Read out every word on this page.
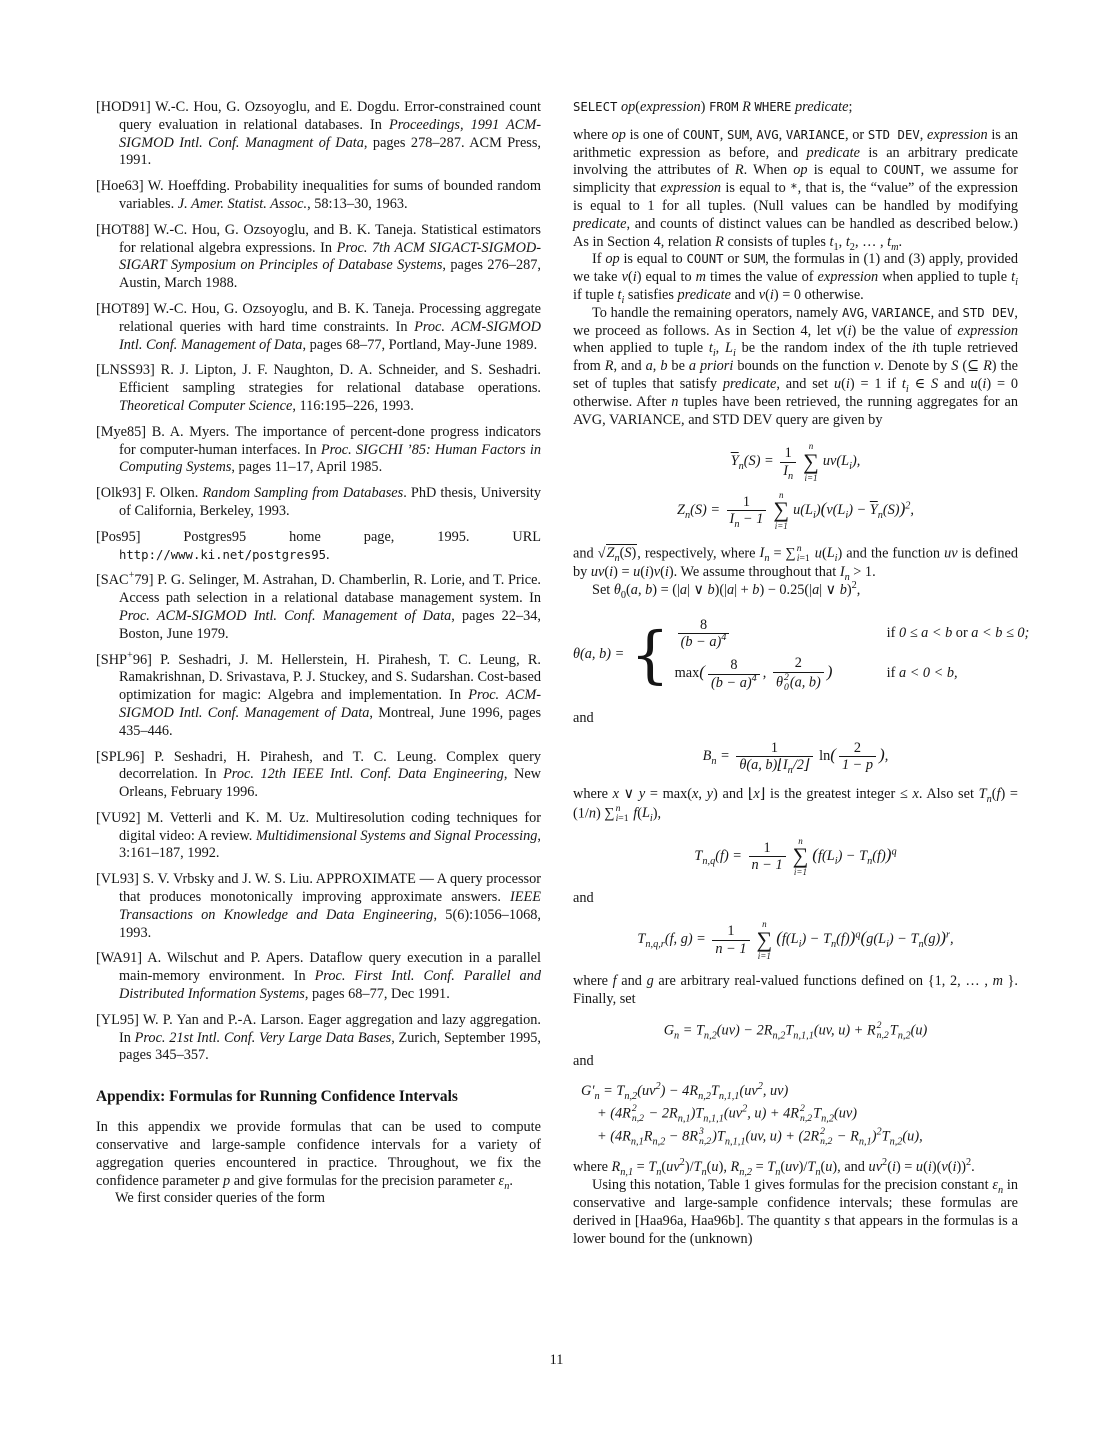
[HOD91] W.-C. Hou, G. Ozsoyoglu, and E. Dogdu. Error-constrained count query evaluation in relational databases. In Proceedings, 1991 ACM-SIGMOD Intl. Conf. Managment of Data, pages 278–287. ACM Press, 1991.
[Hoe63] W. Hoeffding. Probability inequalities for sums of bounded random variables. J. Amer. Statist. Assoc., 58:13–30, 1963.
[HOT88] W.-C. Hou, G. Ozsoyoglu, and B. K. Taneja. Statistical estimators for relational algebra expressions. In Proc. 7th ACM SIGACT-SIGMOD-SIGART Symposium on Principles of Database Systems, pages 276–287, Austin, March 1988.
[HOT89] W.-C. Hou, G. Ozsoyoglu, and B. K. Taneja. Processing aggregate relational queries with hard time constraints. In Proc. ACM-SIGMOD Intl. Conf. Management of Data, pages 68–77, Portland, May-June 1989.
[LNSS93] R. J. Lipton, J. F. Naughton, D. A. Schneider, and S. Seshadri. Efficient sampling strategies for relational database operations. Theoretical Computer Science, 116:195–226, 1993.
[Mye85] B. A. Myers. The importance of percent-done progress indicators for computer-human interfaces. In Proc. SIGCHI ’85: Human Factors in Computing Systems, pages 11–17, April 1985.
[Olk93] F. Olken. Random Sampling from Databases. PhD thesis, University of California, Berkeley, 1993.
[Pos95]	Postgres95 home page, 1995. URL http://www.ki.net/postgres95.
[SAC+79] P. G. Selinger, M. Astrahan, D. Chamberlin, R. Lorie, and T. Price. Access path selection in a relational database management system. In Proc. ACM-SIGMOD Intl. Conf. Management of Data, pages 22–34, Boston, June 1979.
[SHP+96] P. Seshadri, J. M. Hellerstein, H. Pirahesh, T. C. Leung, R. Ramakrishnan, D. Srivastava, P. J. Stuckey, and S. Sudarshan. Cost-based optimization for magic: Algebra and implementation. In Proc. ACM-SIGMOD Intl. Conf. Management of Data, Montreal, June 1996, pages 435–446.
[SPL96] P. Seshadri, H. Pirahesh, and T. C. Leung. Complex query decorrelation. In Proc. 12th IEEE Intl. Conf. Data Engineering, New Orleans, February 1996.
[VU92] M. Vetterli and K. M. Uz. Multiresolution coding techniques for digital video: A review. Multidimensional Systems and Signal Processing, 3:161–187, 1992.
[VL93] S. V. Vrbsky and J. W. S. Liu. APPROXIMATE — A query processor that produces monotonically improving approximate answers. IEEE Transactions on Knowledge and Data Engineering, 5(6):1056–1068, 1993.
[WA91] A. Wilschut and P. Apers. Dataflow query execution in a parallel main-memory environment. In Proc. First Intl. Conf. Parallel and Distributed Information Systems, pages 68–77, Dec 1991.
[YL95] W. P. Yan and P.-A. Larson. Eager aggregation and lazy aggregation. In Proc. 21st Intl. Conf. Very Large Data Bases, Zurich, September 1995, pages 345–357.
Appendix: Formulas for Running Confidence Intervals

In this appendix we provide formulas that can be used to compute conservative and large-sample confidence intervals for a variety of aggregation queries encountered in practice. Throughout, we fix the confidence parameter p and give formulas for the precision parameter $\varepsilon_n$.

We first consider queries of the form

SELECT op(expression) FROM R WHERE predicate;

where op is one of COUNT, SUM, AVG, VARIANCE, or STD DEV, expression is an arithmetic expression as before, and predicate is an arbitrary predicate involving the attributes of R. When op is equal to COUNT, we assume for simplicity that expression is equal to *, that is, the “value” of the expression is equal to 1 for all tuples. (Null values can be handled by modifying predicate, and counts of distinct values can be handled as described below.) As in Section 4, relation R consists of tuples $t_1$, $t_2$, … , $t_m$.

If op is equal to COUNT or SUM, the formulas in (1) and (3) apply, provided we take v(i) equal to m times the value of expression when applied to tuple $t_i$ if tuple $t_i$ satisfies predicate and v(i) = 0 otherwise.

To handle the remaining operators, namely AVG, VARIANCE, and STD DEV, we proceed as follows. As in Section 4, let v(i) be the value of expression when applied to tuple $t_i$, $L_i$ be the random index of the ith tuple retrieved from R, and a, b be a priori bounds on the function v. Denote by S (⊆ R) the set of tuples that satisfy predicate, and set u(i) = 1 if $t_i$ ∈ S and u(i) = 0 otherwise. After n tuples have been retrieved, the running aggregates for an AVG, VARIANCE, and STD DEV query are given by

$\overline{Y}_n(S) = \frac{1}{I_n}$ n
∑
i=1
$uv(L_i)$,
$Z_n(S) = \frac{1}{I_n - 1}$ n
∑
i=1
$u(L_i)(v(L_i) - \overline{Y}_n(S))^2$,

and $√Z_n(S)$, respectively, where $I_n$ = ∑ n
i=1 $u(L_i)$ and the function uv is defined by uv(i) = u(i)v(i). We assume throughout that $I_n > 1$.

Set $\theta_0(a$, b) = (|a| ∨ b)(|a| + b) − 0.25(|a| ∨ b)$^2$,

θ(a, b) = { $\frac{8}{(b - a)^4}$	if 0 ≤ a < b or a < b ≤ 0;
$\max( \frac{8}{(b - a)^4}$ , 2
θ 2
0 (a, b) )	if a < 0 < b,

and

$B_n = \frac{1}{\theta(a, b)⌊I_n/2⌋} \ln( \frac{2}{1 - p}$ ),

where x ∨ y = max(x, y) and ⌊x⌋ is the greatest integer ≤ x. Also set $T_n(f) = (1/n)$ ∑ n
i=1 $f(L_i)$,

$T_{n,q}(f) = \frac{1}{n - 1}$ n
∑
i=1
$(f(L_i) - T_n(f))^q$

and

$T_{n,q,r}(f$, $g) = \frac{1}{n - 1}$ n
∑
i=1
$(f(L_i) - T_n(f))^q(g(L_i) - T_n(g))^r$,

where f and g are arbitrary real-valued functions defined on {1, 2, … , m }. Finally, set

$G_n = T_{n,2}(uv) - 2R_{n,2}T_{n,1,1}(uv$, u) + R 2
n,2 $T_{n,2}(u)$

and

$G'_n = T_{n,2}(uv^2) - 4R_{n,2}T_{n,1,1}(uv^2$, uv)
+ (4R 2
$n,2 - 2R_{n,1})T_{n,1,1}(uv^2$, u) + 4R 2
n,2 $T_{n,2}(uv)$
+ ($4R_{n,1}R_{n,2} - 8R$ 3
n,2 )$T_{n,1,1}(uv$, u) + (2R 2
$n,2 - R_{n,1})^2T_{n,2}(u)$,

where $R_{n,1} = T_n(uv^2)/T_n(u)$, $R_{n,2} = T_n(uv)/T_n(u)$, and $uv^2(i) = u(i)(v(i))^2$.

Using this notation, Table 1 gives formulas for the precision constant $\varepsilon_n$ in conservative and large-sample confidence intervals; these formulas are derived in [Haa96a, Haa96b]. The quantity s that appears in the formulas is a lower bound for the (unknown)

11
